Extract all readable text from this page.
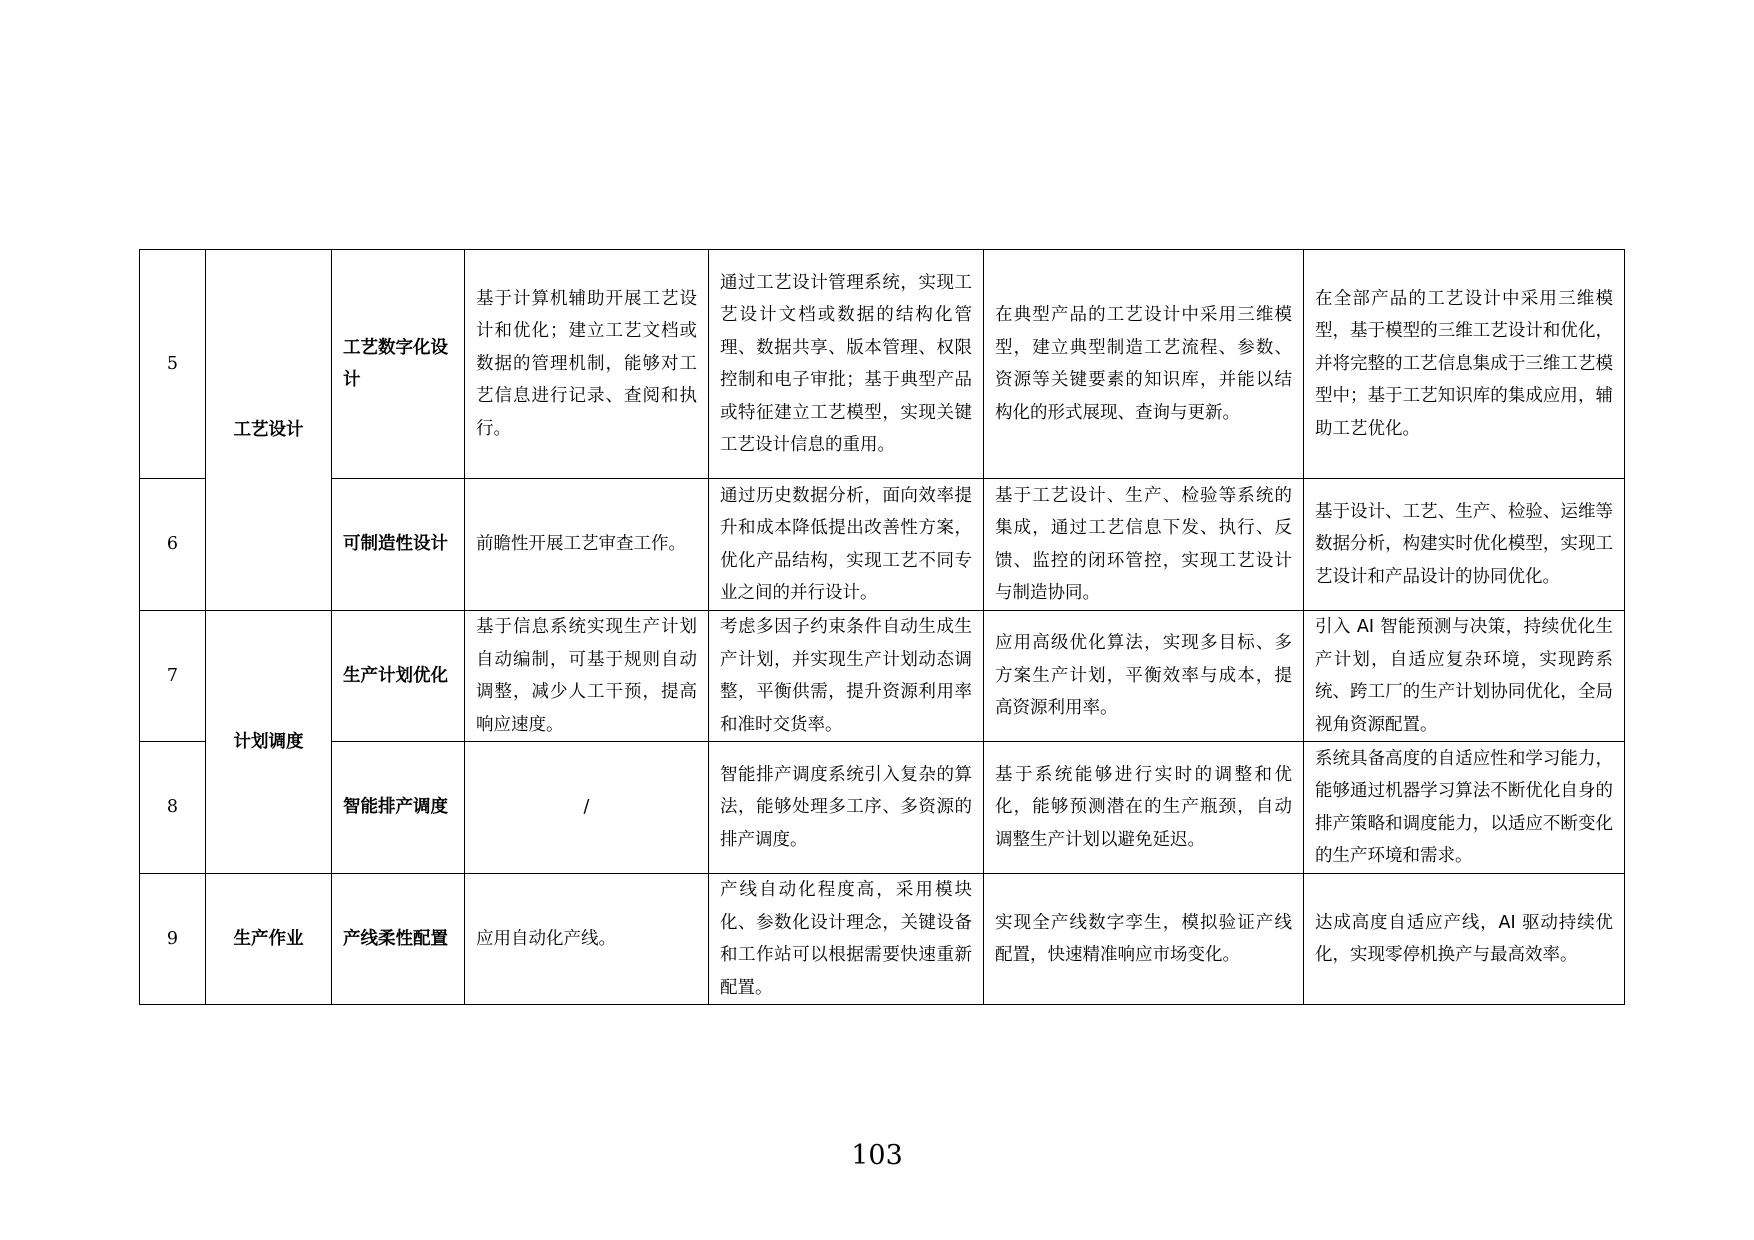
5	工艺设计	工艺数字化设计	基于计算机辅助开展工艺设计和优化；建立工艺文档或数据的管理机制，能够对工艺信息进行记录、查阅和执行。	通过工艺设计管理系统，实现工艺设计文档或数据的结构化管理、数据共享、版本管理、权限控制和电子审批；基于典型产品或特征建立工艺模型，实现关键工艺设计信息的重用。	在典型产品的工艺设计中采用三维模型，建立典型制造工艺流程、参数、资源等关键要素的知识库，并能以结构化的形式展现、查询与更新。	在全部产品的工艺设计中采用三维模型，基于模型的三维工艺设计和优化，并将完整的工艺信息集成于三维工艺模型中；基于工艺知识库的集成应用，辅助工艺优化。
6		可制造性设计	前瞻性开展工艺审查工作。	通过历史数据分析，面向效率提升和成本降低提出改善性方案，优化产品结构，实现工艺不同专业之间的并行设计。	基于工艺设计、生产、检验等系统的集成，通过工艺信息下发、执行、反馈、监控的闭环管控，实现工艺设计与制造协同。	基于设计、工艺、生产、检验、运维等数据分析，构建实时优化模型，实现工艺设计和产品设计的协同优化。
7	计划调度	生产计划优化	基于信息系统实现生产计划自动编制，可基于规则自动调整，减少人工干预，提高响应速度。	考虑多因子约束条件自动生成生产计划，并实现生产计划动态调整，平衡供需，提升资源利用率和准时交货率。	应用高级优化算法，实现多目标、多方案生产计划，平衡效率与成本，提高资源利用率。	引入 AI 智能预测与决策，持续优化生产计划，自适应复杂环境，实现跨系统、跨工厂的生产计划协同优化，全局视角资源配置。
8		智能排产调度	/	智能排产调度系统引入复杂的算法，能够处理多工序、多资源的排产调度。	基于系统能够进行实时的调整和优化，能够预测潜在的生产瓶颈，自动调整生产计划以避免延迟。	系统具备高度的自适应性和学习能力，能够通过机器学习算法不断优化自身的排产策略和调度能力，以适应不断变化的生产环境和需求。
9	生产作业	产线柔性配置	应用自动化产线。	产线自动化程度高，采用模块化、参数化设计理念，关键设备和工作站可以根据需要快速重新配置。	实现全产线数字孪生，模拟验证产线配置，快速精准响应市场变化。	达成高度自适应产线，AI 驱动持续优化，实现零停机换产与最高效率。
103
